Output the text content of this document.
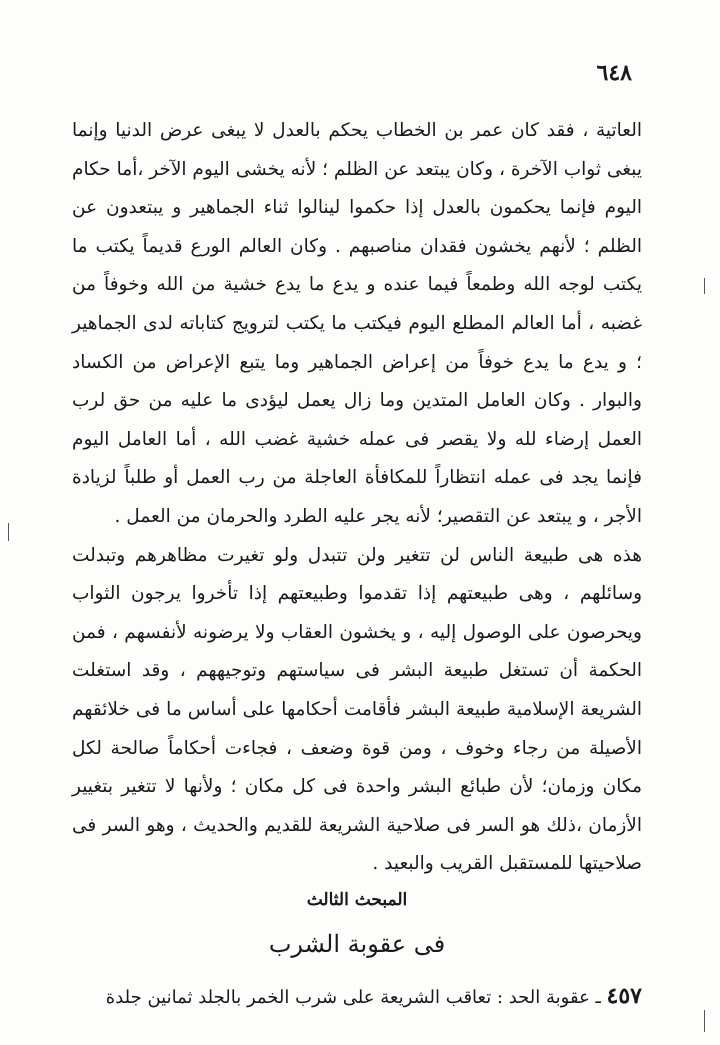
٦٤٨

العاتية ، فقد كان عمر بن الخطاب يحكم بالعدل لا يبغى عرض الدنيا وإنما يبغى ثواب الآخرة ، وكان يبتعد عن الظلم ؛ لأنه يخشى اليوم الآخر ،أما حكام اليوم فإنما يحكمون بالعدل إذا حكموا لينالوا ثناء الجماهير و يبتعدون عن الظلم ؛ لأنهم يخشون فقدان مناصبهم . وكان العالم الورع قديماً يكتب ما يكتب لوجه الله وطمعاً فيما عنده و يدع ما يدع خشية من الله وخوفاً من غضبه ، أما العالم المطلع اليوم فيكتب ما يكتب لترويج كتاباته لدى الجماهير ؛ و يدع ما يدع خوفاً من إعراض الجماهير وما يتبع الإعراض من الكساد والبوار . وكان العامل المتدين وما زال يعمل ليؤدى ما عليه من حق لرب العمل إرضاء لله ولا يقصر فى عمله خشية غضب الله ، أما العامل اليوم فإنما يجد فى عمله انتظاراً للمكافأة العاجلة من رب العمل أو طلباً لزيادة الأجر ، و يبتعد عن التقصير؛ لأنه يجر عليه الطرد والحرمان من العمل .

هذه هى طبيعة الناس لن تتغير ولن تتبدل ولو تغيرت مظاهرهم وتبدلت وسائلهم ، وهى طبيعتهم إذا تقدموا وطبيعتهم إذا تأخروا يرجون الثواب ويحرصون على الوصول إليه ، و يخشون العقاب ولا يرضونه لأنفسهم ، فمن الحكمة أن تستغل طبيعة البشر فى سياستهم وتوجيههم ، وقد استغلت الشريعة الإسلامية طبيعة البشر فأقامت أحكامها على أساس ما فى خلائقهم الأصيلة من رجاء وخوف ، ومن قوة وضعف ، فجاءت أحكاماً صالحة لكل مكان وزمان؛ لأن طبائع البشر واحدة فى كل مكان ؛ ولأنها لا تتغير بتغيير الأزمان ،ذلك هو السر فى صلاحية الشريعة للقديم والحديث ، وهو السر فى صلاحيتها للمستقبل القريب والبعيد .

المبحث الثالث
فى عقوبة الشرب
٤٥٧ ـ عقوبة الحد : تعاقب الشريعة على شرب الخمر بالجلد ثمانين جلدة
